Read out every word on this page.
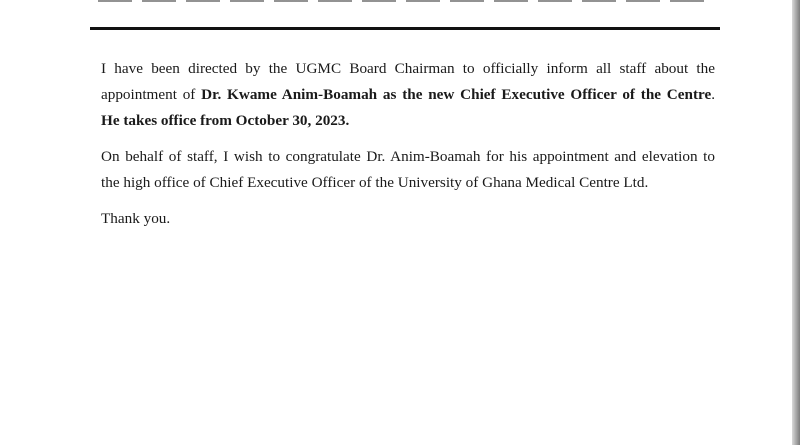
I have been directed by the UGMC Board Chairman to officially inform all staff about the
appointment of Dr. Kwame Anim-Boamah as the new Chief Executive Officer of the Centre.
He takes office from October 30, 2023.

On behalf of staff, I wish to congratulate Dr. Anim-Boamah for his appointment and elevation to
the high office of Chief Executive Officer of the University of Ghana Medical Centre Ltd.

Thank you.
